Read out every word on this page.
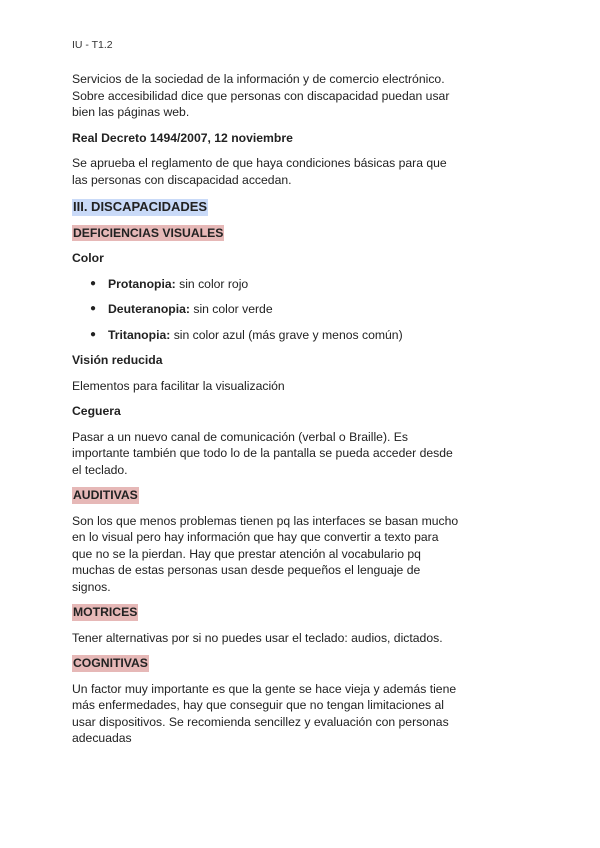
IU - T1.2

Servicios de la sociedad de la información y de comercio electrónico. Sobre accesibilidad dice que personas con discapacidad puedan usar bien las páginas web.

Real Decreto 1494/2007, 12 noviembre

Se aprueba el reglamento de que haya condiciones básicas para que las personas con discapacidad accedan.

III. DISCAPACIDADES
DEFICIENCIAS VISUALES

Color

● Protanopia: sin color rojo
● Deuteranopia: sin color verde
● Tritanopia: sin color azul (más grave y menos común)

Visión reducida

Elementos para facilitar la visualización

Ceguera

Pasar a un nuevo canal de comunicación (verbal o Braille). Es importante también que todo lo de la pantalla se pueda acceder desde el teclado.

AUDITIVAS

Son los que menos problemas tienen pq las interfaces se basan mucho en lo visual pero hay información que hay que convertir a texto para que no se la pierdan. Hay que prestar atención al vocabulario pq muchas de estas personas usan desde pequeños el lenguaje de signos.

MOTRICES

Tener alternativas por si no puedes usar el teclado: audios, dictados.

COGNITIVAS

Un factor muy importante es que la gente se hace vieja y además tiene más enfermedades, hay que conseguir que no tengan limitaciones al usar dispositivos. Se recomienda sencillez y evaluación con personas adecuadas
